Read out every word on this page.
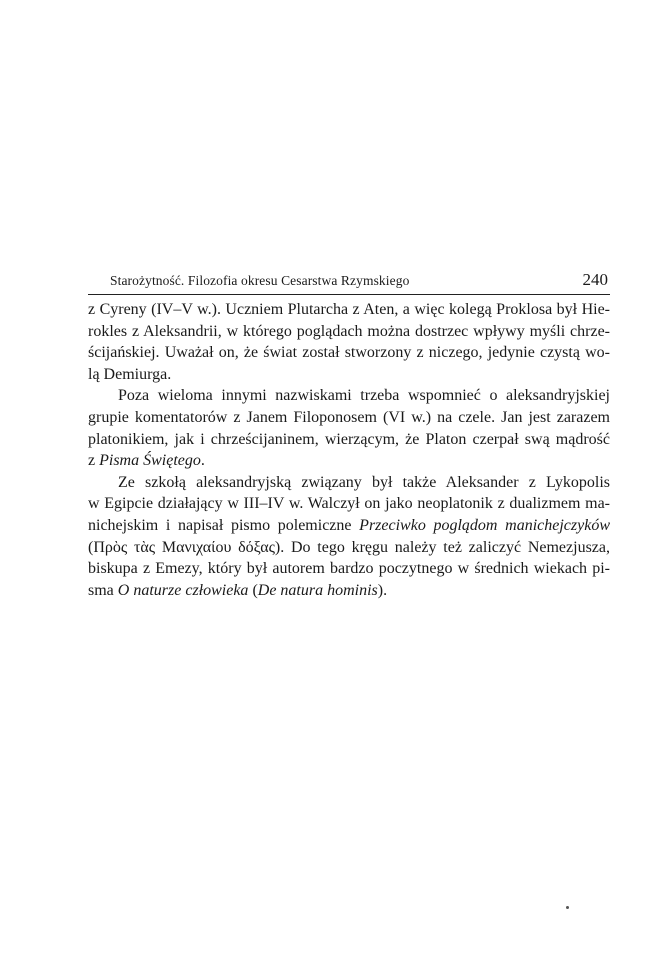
Starożytność. Filozofia okresu Cesarstwa Rzymskiego	240
z Cyreny (IV–V w.). Uczniem Plutarcha z Aten, a więc kolegą Proklosa był Hie-
rokles z Aleksandrii, w którego poglądach można dostrzec wpływy myśli chrze-
ścijańskiej. Uważał on, że świat został stworzony z niczego, jedynie czystą wo-
lą Demiurga.
Poza wieloma innymi nazwiskami trzeba wspomnieć o aleksandryjskiej
grupie komentatorów z Janem Filoponosem (VI w.) na czele. Jan jest zarazem
platonikiem, jak i chrześcijaninem, wierzącym, że Platon czerpał swą mądrość
z Pisma Świętego.
Ze szkołą aleksandryjską związany był także Aleksander z Lykopolis
w Egipcie działający w III–IV w. Walczył on jako neoplatonik z dualizmem ma-
nichejskim i napisał pismo polemiczne Przeciwko poglądom manichejczyków
(Πρὸς τὰς Μανιχαίου δόξας). Do tego kręgu należy też zaliczyć Nemezjusza,
biskupa z Emezy, który był autorem bardzo poczytnego w średnich wiekach pi-
sma O naturze człowieka (De natura hominis).
